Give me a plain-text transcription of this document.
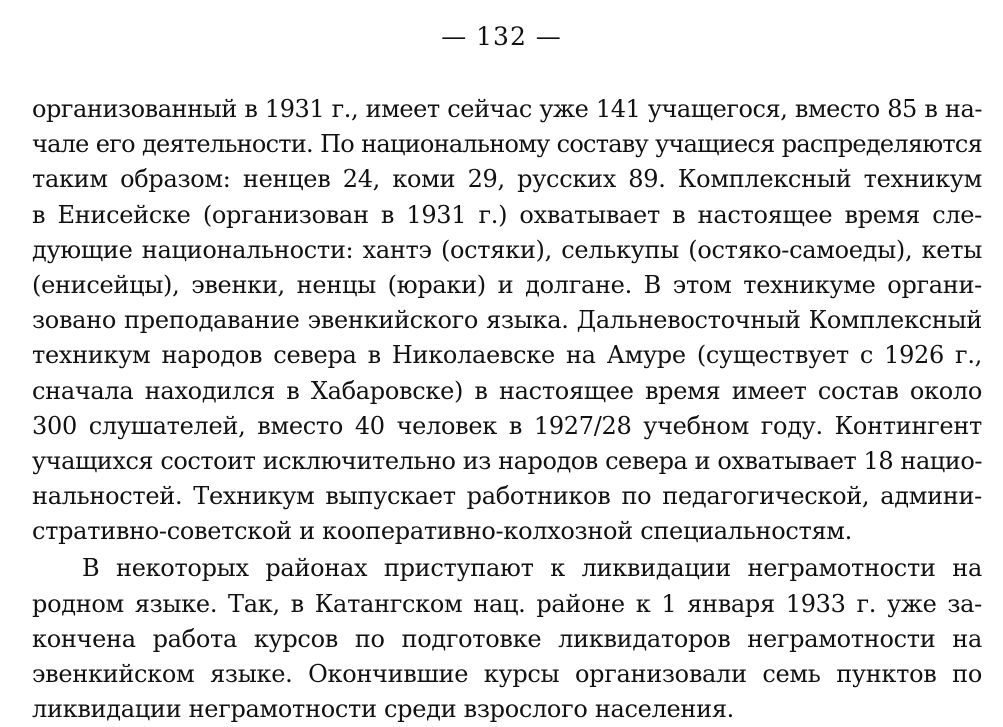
— 132 —
организованный в 1931 г., имеет сейчас уже 141 учащегося, вместо 85 в на-
чале его деятельности. По национальному составу учащиеся распределяются
таким образом: ненцев 24, коми 29, русских 89. Комплексный техникум
в Енисейске (организован в 1931 г.) охватывает в настоящее время сле-
дующие национальности: хантэ (остяки), селькупы (остяко-самоеды), кеты
(енисейцы), эвенки, ненцы (юраки) и долгане. В этом техникуме органи-
зовано преподавание эвенкийского языка. Дальневосточный Комплексный
техникум народов севера в Николаевске на Амуре (существует с 1926 г.,
сначала находился в Хабаровске) в настоящее время имеет состав около
300 слушателей, вместо 40 человек в 1927/28 учебном году. Контингент
учащихся состоит исключительно из народов севера и охватывает 18 нацио-
нальностей. Техникум выпускает работников по педагогической, админи-
стративно-советской и кооперативно-колхозной специальностям.
В некоторых районах приступают к ликвидации неграмотности на
родном языке. Так, в Катангском нац. районе к 1 января 1933 г. уже за-
кончена работа курсов по подготовке ликвидаторов неграмотности на
эвенкийском языке. Окончившие курсы организовали семь пунктов по
ликвидации неграмотности среди взрослого населения.
